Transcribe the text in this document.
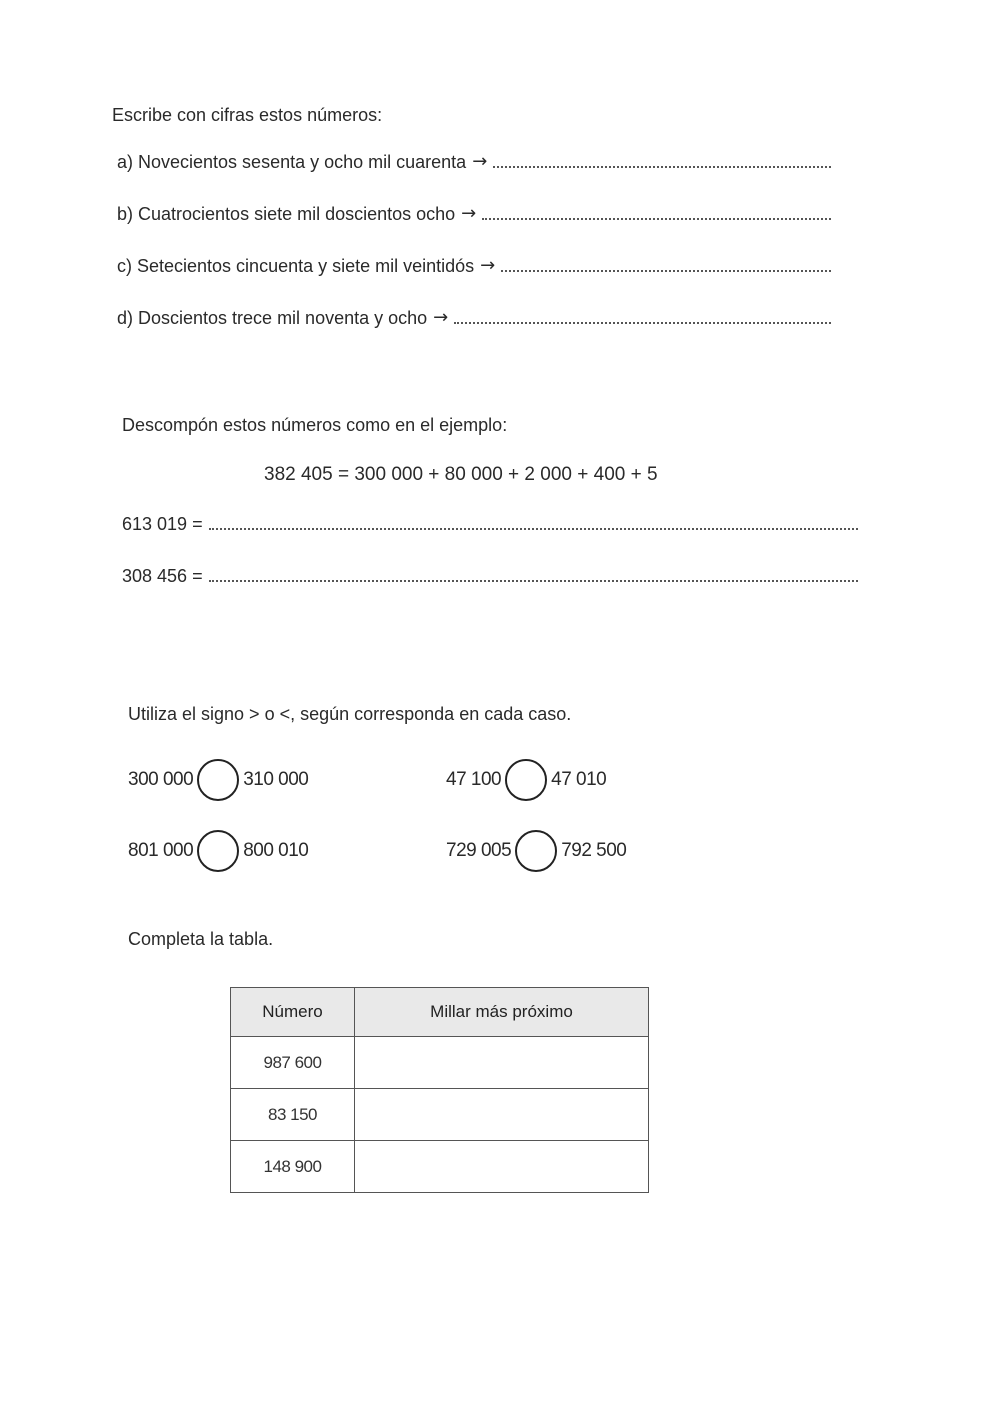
Escribe con cifras estos números:
a) Novecientos sesenta y ocho mil cuarenta →
b) Cuatrocientos siete mil doscientos ocho →
c) Setecientos cincuenta y siete mil veintidós →
d) Doscientos trece mil noventa y ocho →
Descompón estos números como en el ejemplo:
382 405 = 300 000 + 80 000 + 2 000 + 400 + 5
613 019 =
308 456 =
Utiliza el signo > o <, según corresponda en cada caso.
300 000	310 000	47 100	47 010
801 000	800 010	729 005	792 500
Completa la tabla.
Número	Millar más próximo
987 600	
83 150	
148 900	
